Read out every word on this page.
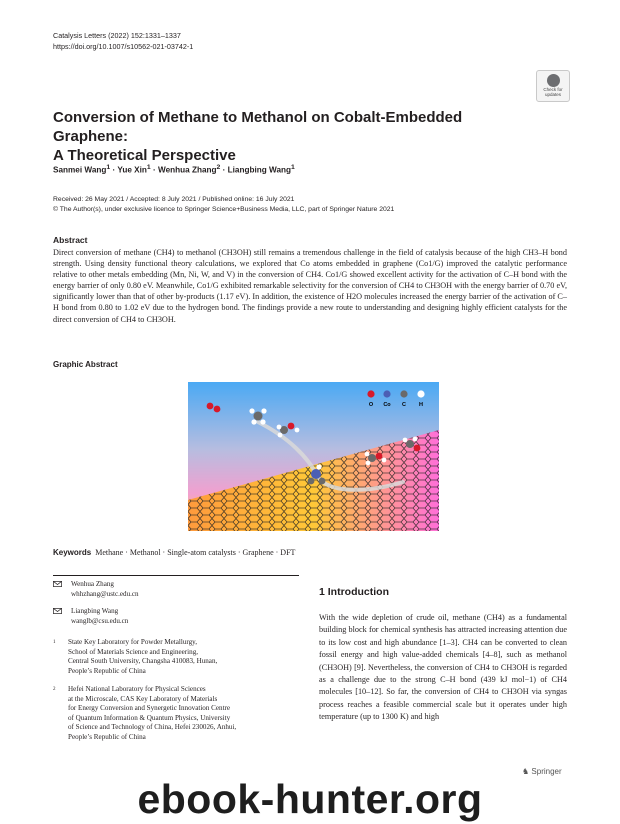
Catalysis Letters (2022) 152:1331–1337
https://doi.org/10.1007/s10562-021-03742-1
Check for
updates
Conversion of Methane to Methanol on Cobalt-Embedded Graphene:
A Theoretical Perspective
Sanmei Wang$^1$ · Yue Xin$^1$ · Wenhua Zhang$^2$ · Liangbing Wang$^1$
Received: 26 May 2021 / Accepted: 8 July 2021 / Published online: 16 July 2021
© The Author(s), under exclusive licence to Springer Science+Business Media, LLC, part of Springer Nature 2021
Abstract
Direct conversion of methane (CH4) to methanol (CH3OH) still remains a tremendous challenge in the field of catalysis because of the high CH3–H bond strength. Using density functional theory calculations, we explored that Co atoms embedded in graphene (Co1/G) improved the catalytic performance relative to other metals embedding (Mn, Ni, W, and V) in the conversion of CH4. Co1/G showed excellent activity for the activation of C–H bond with the energy barrier of only 0.80 eV. Meanwhile, Co1/G exhibited remarkable selectivity for the conversion of CH4 to CH3OH with the energy barrier of 0.70 eV, significantly lower than that of other by-products (1.17 eV). In addition, the existence of H2O molecules increased the energy barrier of the activation of C–H bond from 0.80 to 1.02 eV due to the hydrogen bond. The findings provide a new route to understanding and designing highly efficient catalysts for the direct conversion of CH4 to CH3OH.
Graphic Abstract
O Co C H
Keywords Methane · Methanol · Single-atom catalysts · Graphene · DFT
Wenhua Zhang
whhzhang@ustc.edu.cn
Liangbing Wang
wanglb@csu.edu.cn
1 State Key Laboratory for Powder Metallurgy,
School of Materials Science and Engineering,
Central South University, Changsha 410083, Hunan,
People’s Republic of China
2 Hefei National Laboratory for Physical Sciences
at the Microscale, CAS Key Laboratory of Materials
for Energy Conversion and Synergetic Innovation Centre
of Quantum Information & Quantum Physics, University
of Science and Technology of China, Hefei 230026, Anhui,
People’s Republic of China
1 Introduction
With the wide depletion of crude oil, methane (CH4) as a fundamental building block for chemical synthesis has attracted increasing attention due to its low cost and high abundance [1–3]. CH4 can be converted to clean fossil energy and high value-added chemicals [4–8], such as methanol (CH3OH) [9]. Nevertheless, the conversion of CH4 to CH3OH is regarded as a challenge due to the strong C–H bond (439 kJ mol−1) of CH4 molecules [10–12]. So far, the conversion of CH4 to CH3OH via syngas process reaches a feasible commercial scale but it operates under high temperature (up to 1300 K) and high
♞ Springer
ebook-hunter.org
